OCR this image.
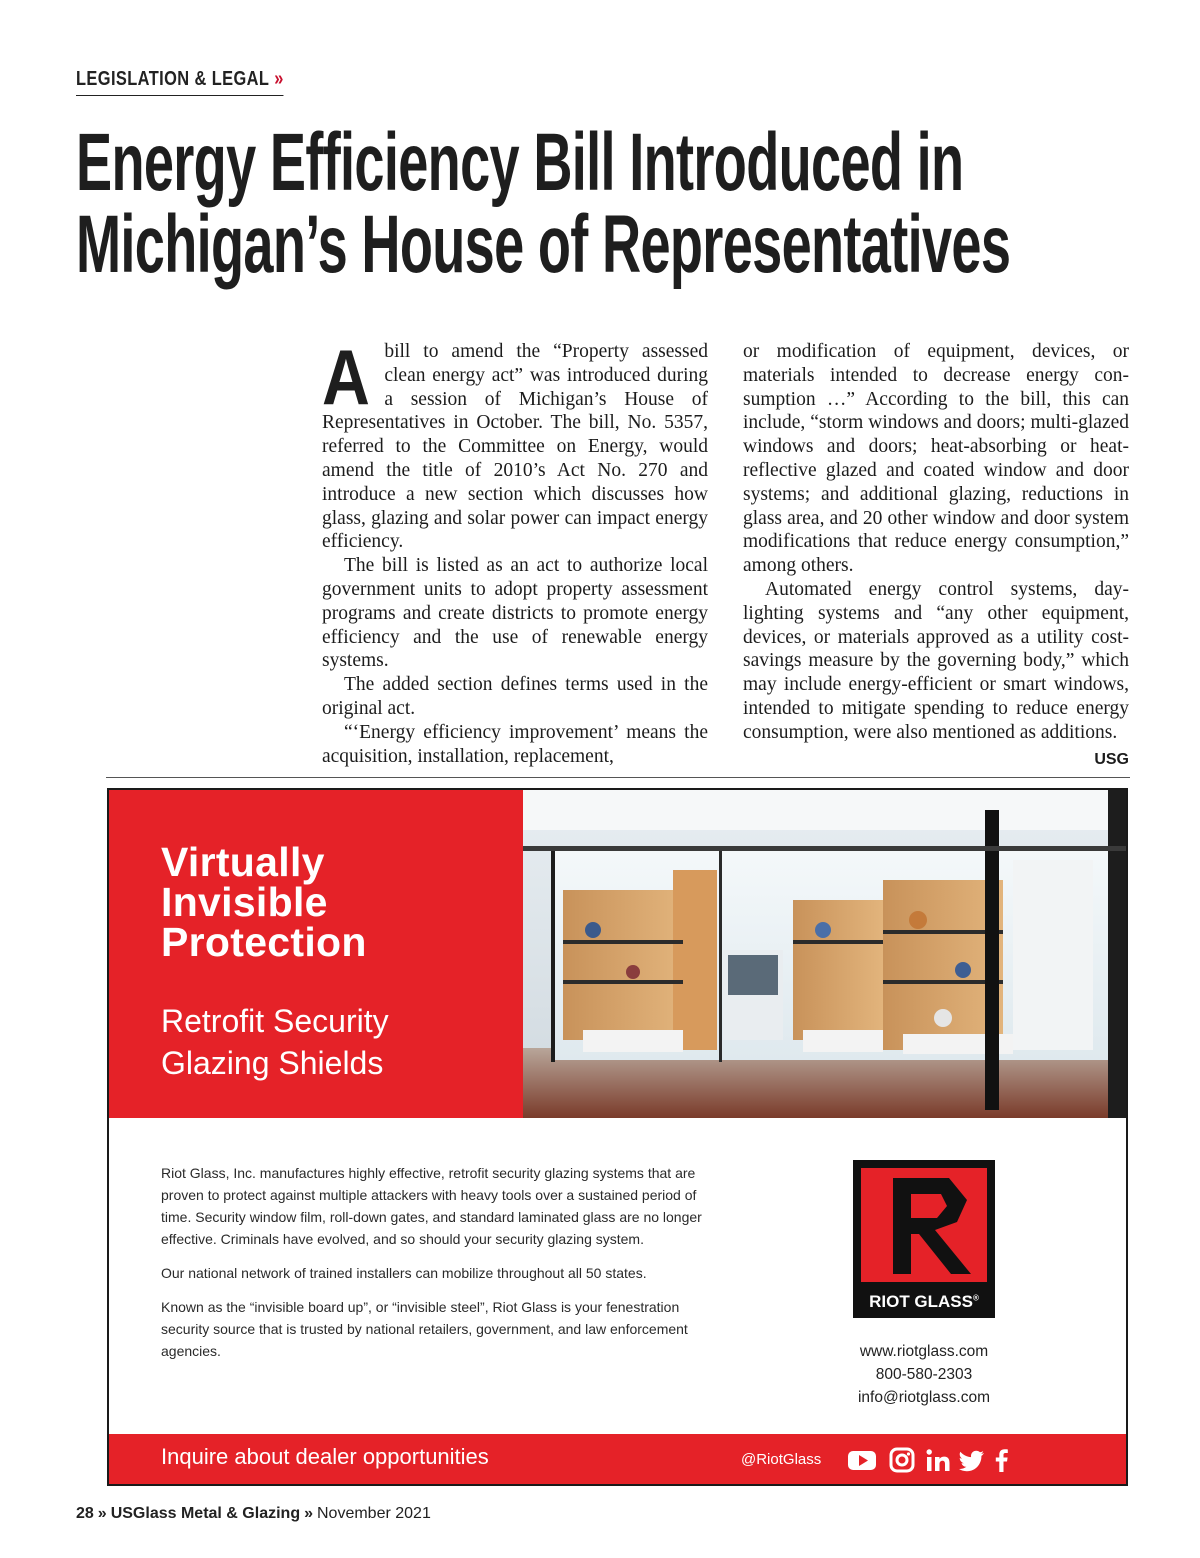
LEGISLATION & LEGAL »
Energy Efficiency Bill Introduced in
Michigan’s House of Representatives

Abill to amend the “Property assessed clean energy act” was introduced during a session of Michigan’s House of Representatives in October. The bill, No. 5357, referred to the Committee on Energy, would amend the title of 2010’s Act No. 270 and introduce a new section which discusses how glass, glazing and solar power can impact energy efficiency.

The bill is listed as an act to authorize local government units to adopt property assessment programs and create districts to promote energy efficiency and the use of renewable energy systems.

The added section defines terms used in the original act.

“‘Energy efficiency improvement’ means the acquisition, installation, replacement,

or modification of equipment, devices, or materials intended to decrease energy consumption …” According to the bill, this can include, “storm windows and doors; multi-glazed windows and doors; heat-absorbing or heat-reflective glazed and coated window and door systems; and additional glazing, reductions in glass area, and 20 other window and door system modifications that reduce energy consumption,” among others.

Automated energy control systems, daylighting systems and “any other equipment, devices, or materials approved as a utility cost-savings measure by the governing body,” which may include energy-efficient or smart windows, intended to mitigate spending to reduce energy consumption, were also mentioned as additions.
USG

Virtually
Invisible
Protection
Retrofit Security
Glazing Shields

Riot Glass, Inc. manufactures highly effective, retrofit security glazing systems that are proven to protect against multiple attackers with heavy tools over a sustained period of time. Security window film, roll-down gates, and standard laminated glass are no longer effective. Criminals have evolved, and so should your security glazing system.

Our national network of trained installers can mobilize throughout all 50 states.

Known as the “invisible board up”, or “invisible steel”, Riot Glass is your fenestration security source that is trusted by national retailers, government, and law enforcement agencies.

RIOT GLASS®
www.riotglass.com
800-580-2303
info@riotglass.com
Inquire about dealer opportunities	@RiotGlass
28 » USGlass Metal & Glazing » November 2021
